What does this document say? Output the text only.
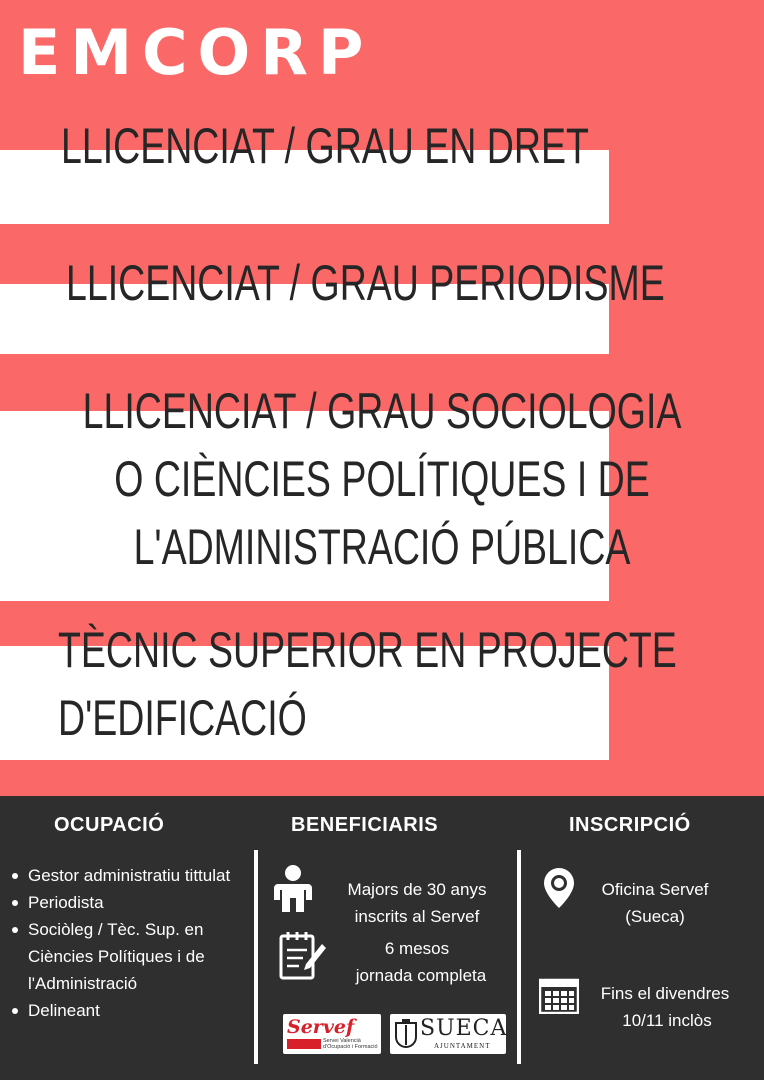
EMCORP
LLICENCIAT / GRAU EN DRET
LLICENCIAT / GRAU PERIODISME
LLICENCIAT / GRAU SOCIOLOGIA
O CIÈNCIES POLÍTIQUES I DE
L'ADMINISTRACIÓ PÚBLICA
TÈCNIC SUPERIOR EN PROJECTE
D'EDIFICACIÓ
OCUPACIÓ	BENEFICIARIS	INSCRIPCIÓ
Gestor administratiu tittulat
Periodista
Sociòleg / Tèc. Sup. en Ciències Polítiques i de l'Administració
Delineant
Majors de 30 anys
inscrits al Servef
6 mesos
jornada completa
Servef
Servei Valencià d'Ocupació i Formació
SUECA
AJUNTAMENT
Oficina Servef
(Sueca)
Fins el divendres
10/11 inclòs
